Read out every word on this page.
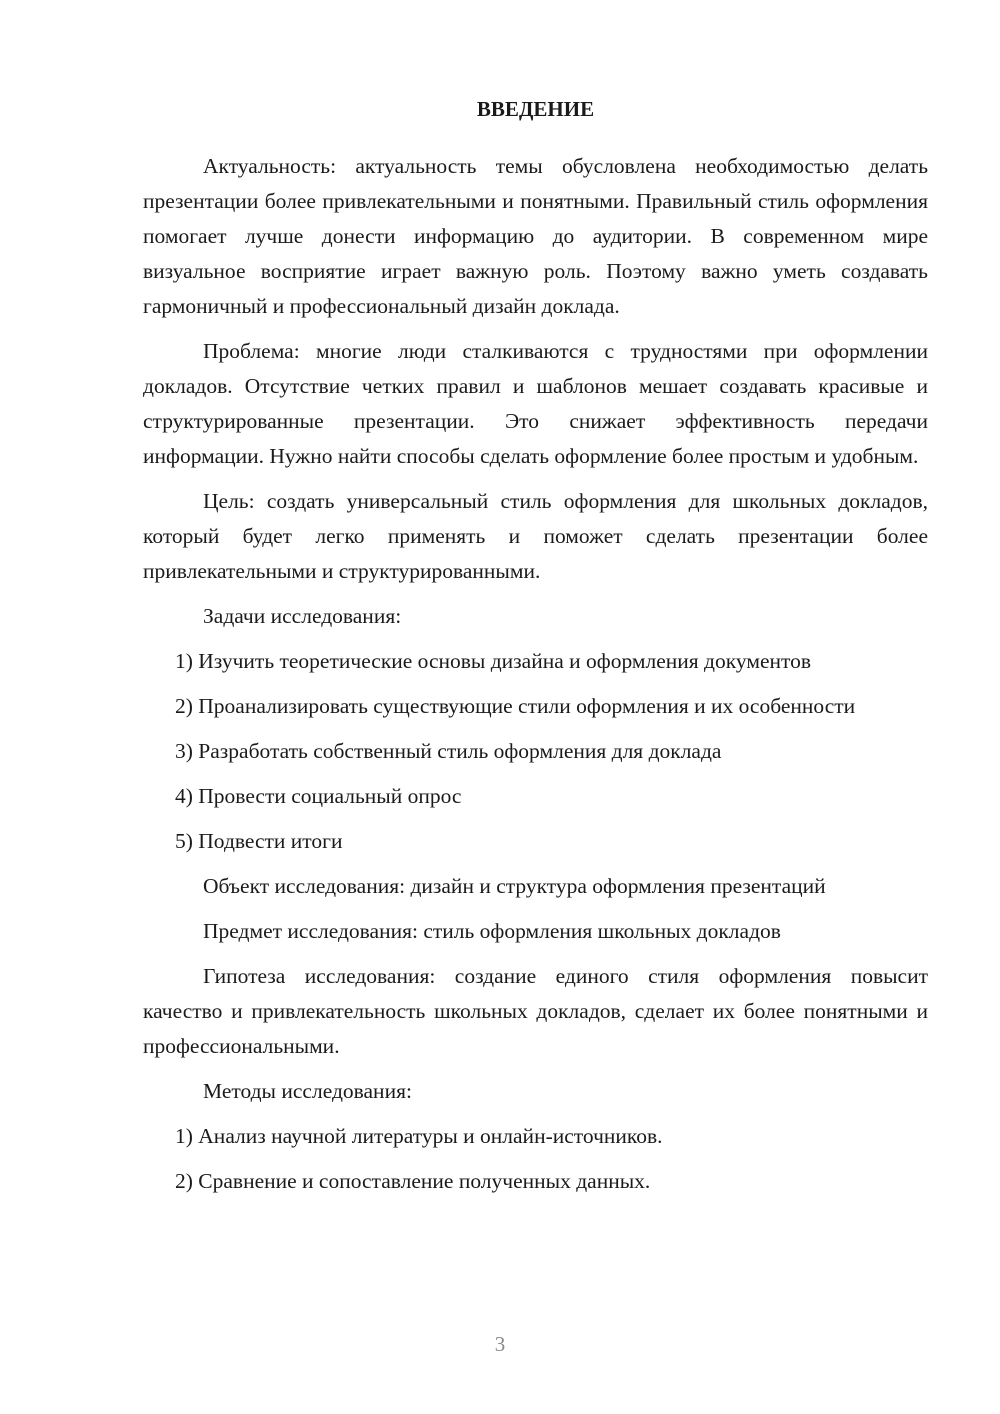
ВВЕДЕНИЕ

Актуальность: актуальность темы обусловлена необходимостью делать презентации более привлекательными и понятными. Правильный стиль оформления помогает лучше донести информацию до аудитории. В современном мире визуальное восприятие играет важную роль. Поэтому важно уметь создавать гармоничный и профессиональный дизайн доклада.

Проблема: многие люди сталкиваются с трудностями при оформлении докладов. Отсутствие четких правил и шаблонов мешает создавать красивые и структурированные презентации. Это снижает эффективность передачи информации. Нужно найти способы сделать оформление более простым и удобным.

Цель: создать универсальный стиль оформления для школьных докладов, который будет легко применять и поможет сделать презентации более привлекательными и структурированными.

Задачи исследования:

1) Изучить теоретические основы дизайна и оформления документов

2) Проанализировать существующие стили оформления и их особенности

3) Разработать собственный стиль оформления для доклада

4) Провести социальный опрос

5) Подвести итоги

Объект исследования: дизайн и структура оформления презентаций

Предмет исследования: стиль оформления школьных докладов

Гипотеза исследования: создание единого стиля оформления повысит качество и привлекательность школьных докладов, сделает их более понятными и профессиональными.

Методы исследования:

1) Анализ научной литературы и онлайн-источников.

2) Сравнение и сопоставление полученных данных.

3
